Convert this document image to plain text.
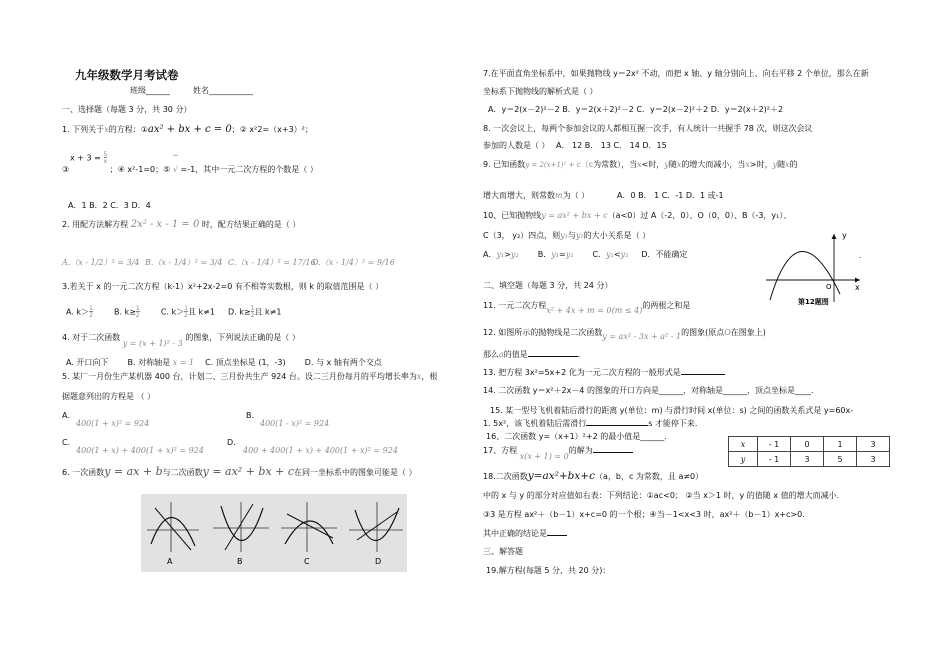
九年级数学月考试卷
班级______	姓名___________
一、选择题（每题 3 分，共 30 分）
1. 下列关于x的方程：①ax² + bx + c = 0；② x²2=（x+3）²；
$x + 3 = \frac{5}{x}$	─
③	；④ x²-1=0；⑤ √ =-1，其中一元二次方程的个数是（ ）
A．1 B．2 C．3 D．4
2. 用配方法解方程 2x² - x - 1 = 0 时，配方结果正确的是（ ）
A.（x - 1/2）² = 3/4 B.（x - 1/4）² = 3/4 C.（x - 1/4）² = 17/16
D.（x - 1/4）² = 9/16
3.若关于 x 的一元二次方程（k-1）x²+2x-2=0 有不相等实数根，则 k 的取值范围是（ ）
A. $k>\frac{1}{2}$	B. $k\ge\frac{1}{2}$	C. $k>\frac{1}{2}$且 k≠1 D. $k\ge\frac{1}{2}$且 k≠1
4. 对于二次函数 y = (x + 1)² - 3 的图象，下列说法正确的是（ ）
A. 开口向下 B. 对称轴是 x = 1 C. 顶点坐标是 (1，-3) D. 与 x 轴有两个交点
5. 某厂一月份生产某机器 400 台，计划二、三月份共生产 924 台。设二三月份每月的平均增长率为x，根
据题意列出的方程是 （ ）
A.
400(1 + x)² = 924
B.
400(1 - x)² = 924
C.
400(1 + x) + 400(1 + x)² = 924
D.
400 + 400(1 + x) + 400(1 + x)² = 924
6. 一次函数y = ax + b与二次函数y = ax² + bx + c在同一坐标系中的图象可能是（ ）
A	B	C	D
7.在平面直角坐标系中，如果抛物线 y＝2x² 不动，而把 x 轴、y 轴分别向上、向右平移 2 个单位，那么在新
坐标系下抛物线的解析式是（ ）
A．y＝2(x－2)²－2 B．y＝2(x＋2)²－2 C．y＝2(x－2)²＋2 D．y＝2(x＋2)²＋2
8. 一次会议上，每两个参加会议的人都相互握一次手，有人统计一共握手 78 次，则这次会议
参加的人数是（ ） A． 12 B． 13 C． 14 D．15
9. 已知函数y = 2(x+1)² + c（c为常数），当x<时，y随x的增大而减小，当x>时，y随x的
增大而增大，则常数m为（ ）	A．0 B． 1 C．-1 D．1 或-1
10、已知抛物线y = ax² + bx + c（a<0）过 A（-2，0）、O（0，0）、B（-3，y₁）、
C（3， y₂）四点，则y₁与y₂的大小关系是（ ）
A．y₁>y₂ B．y₁=y₂ C．y₁<y₂ D．不能确定
y
x
O
第12题图
.
二、填空题（每题 3 分，共 24 分）
11. 一元二次方程x² + 4x + m = 0(m ≤ 4)的两根之和是
12. 如图所示的抛物线是二次函数y = ax² - 3x + a² - 1的图象(原点O在图象上)
那么a的值是	.
13. 把方程 3x²=5x+2 化为一元二次方程的一般形式是
14. 二次函数 y＝x²＋2x－4 的图象的开口方向是______，对称轴是______，顶点坐标是____．
15. 某一型号飞机着陆后滑行的距离 y(单位：m) 与滑行时间 x(单位：s) 之间的函数关系式是 y=60x-
1. 5x²，该飞机着陆后需滑行	s 才能停下来.
16、二次函数 y=（x+1）²+2 的最小值是______.
17、方程 x(x + 1) = 0的解为
x	- 1	0	1	3
y	- 1	3	5	3
18.二次函数y=ax²+bx+c（a，b，c 为常数，且 a≠0）
中的 x 与 y 的部分对应值如右表：下列结论：①ac<0； ②当 x＞1 时，y 的值随 x 值的增大而减小.
③3 是方程 ax²＋（b－1）x+c=0 的一个根；④当－1<x<3 时，ax²＋（b－1）x+c>0.
其中正确的结论是
三、解答题
19.解方程(每题 5 分，共 20 分)：
